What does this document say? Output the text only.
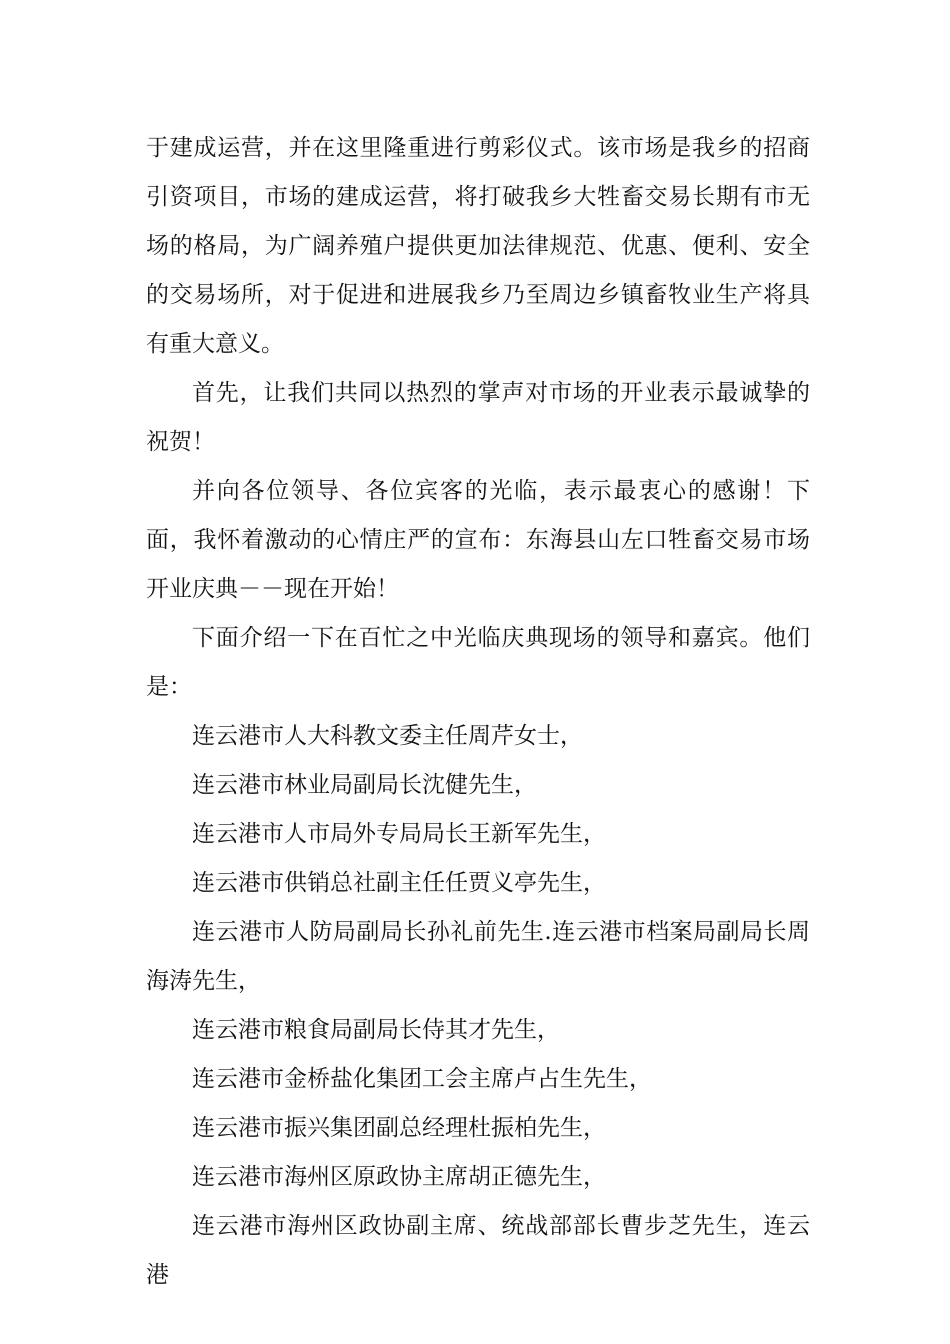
于建成运营，并在这里隆重进行剪彩仪式。该市场是我乡的招商引资项目，市场的建成运营，将打破我乡大牲畜交易长期有市无场的格局，为广阔养殖户提供更加法律规范、优惠、便利、安全的交易场所，对于促进和进展我乡乃至周边乡镇畜牧业生产将具有重大意义。

首先，让我们共同以热烈的掌声对市场的开业表示最诚挚的祝贺！

并向各位领导、各位宾客的光临，表示最衷心的感谢！下面，我怀着激动的心情庄严的宣布：东海县山左口牲畜交易市场开业庆典－－现在开始！

下面介绍一下在百忙之中光临庆典现场的领导和嘉宾。他们是：

连云港市人大科教文委主任周芹女士，

连云港市林业局副局长沈健先生，

连云港市人市局外专局局长王新军先生，

连云港市供销总社副主任任贾义亭先生，

连云港市人防局副局长孙礼前先生.连云港市档案局副局长周海涛先生，

连云港市粮食局副局长侍其才先生，

连云港市金桥盐化集团工会主席卢占生先生，

连云港市振兴集团副总经理杜振柏先生，

连云港市海州区原政协主席胡正德先生，

连云港市海州区政协副主席、统战部部长曹步芝先生，连云港
